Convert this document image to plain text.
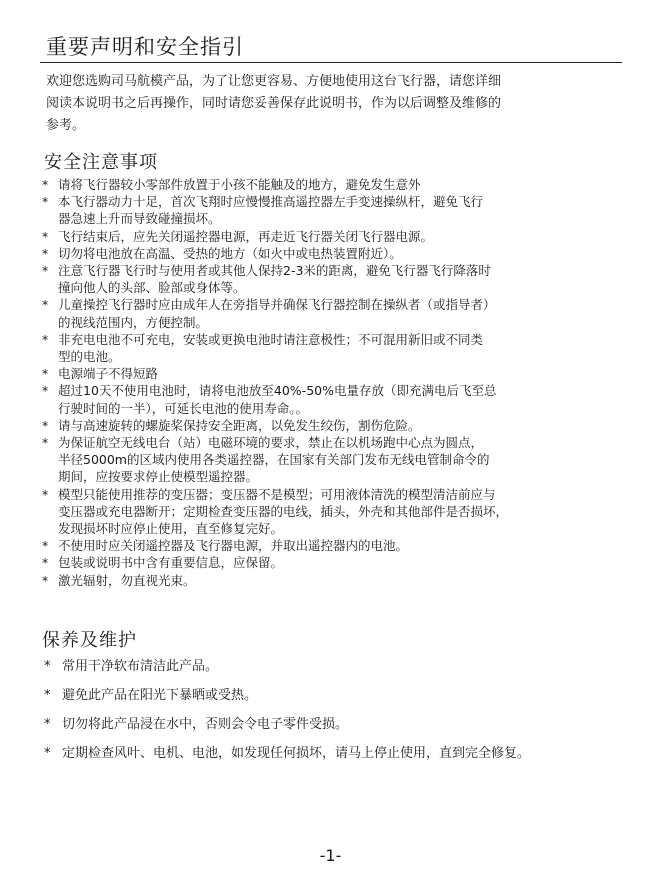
重要声明和安全指引

欢迎您选购司马航模产品，为了让您更容易、方便地使用这台飞行器，请您详细
阅读本说明书之后再操作，同时请您妥善保存此说明书，作为以后调整及维修的
参考。

安全注意事项
* 请将飞行器较小零部件放置于小孩不能触及的地方，避免发生意外
* 本飞行器动力十足，首次飞翔时应慢慢推高遥控器左手变速操纵杆，避免飞行
器急速上升而导致碰撞损坏。
* 飞行结束后，应先关闭遥控器电源，再走近飞行器关闭飞行器电源。
* 切勿将电池放在高温、受热的地方（如火中或电热装置附近）。
* 注意飞行器飞行时与使用者或其他人保持2-3米的距离，避免飞行器飞行降落时
撞向他人的头部、脸部或身体等。
* 儿童操控飞行器时应由成年人在旁指导并确保飞行器控制在操纵者（或指导者）
的视线范围内，方便控制。
* 非充电电池不可充电，安装或更换电池时请注意极性；不可混用新旧或不同类
型的电池。
* 电源端子不得短路
* 超过10天不使用电池时，请将电池放至40%-50%电量存放（即充满电后飞至总
行驶时间的一半），可延长电池的使用寿命。。
* 请与高速旋转的螺旋桨保持安全距离，以免发生绞伤，割伤危险。
* 为保证航空无线电台（站）电磁环境的要求，禁止在以机场跑中心点为圆点，
半径5000m的区域内使用各类遥控器，在国家有关部门发布无线电管制命令的
期间，应按要求停止使模型遥控器。
* 模型只能使用推荐的变压器；变压器不是模型；可用液体清洗的模型清洁前应与
变压器或充电器断开；定期检查变压器的电线，插头，外壳和其他部件是否损坏，
发现损坏时应停止使用，直至修复完好。
* 不使用时应关闭遥控器及飞行器电源，并取出遥控器内的电池。
* 包装或说明书中含有重要信息，应保留。
* 激光辐射，勿直视光束。
保养及维护
* 常用干净软布清洁此产品。
* 避免此产品在阳光下暴晒或受热。
* 切勿将此产品浸在水中，否则会令电子零件受损。
* 定期检查风叶、电机、电池，如发现任何损坏，请马上停止使用，直到完全修复。
-1-
